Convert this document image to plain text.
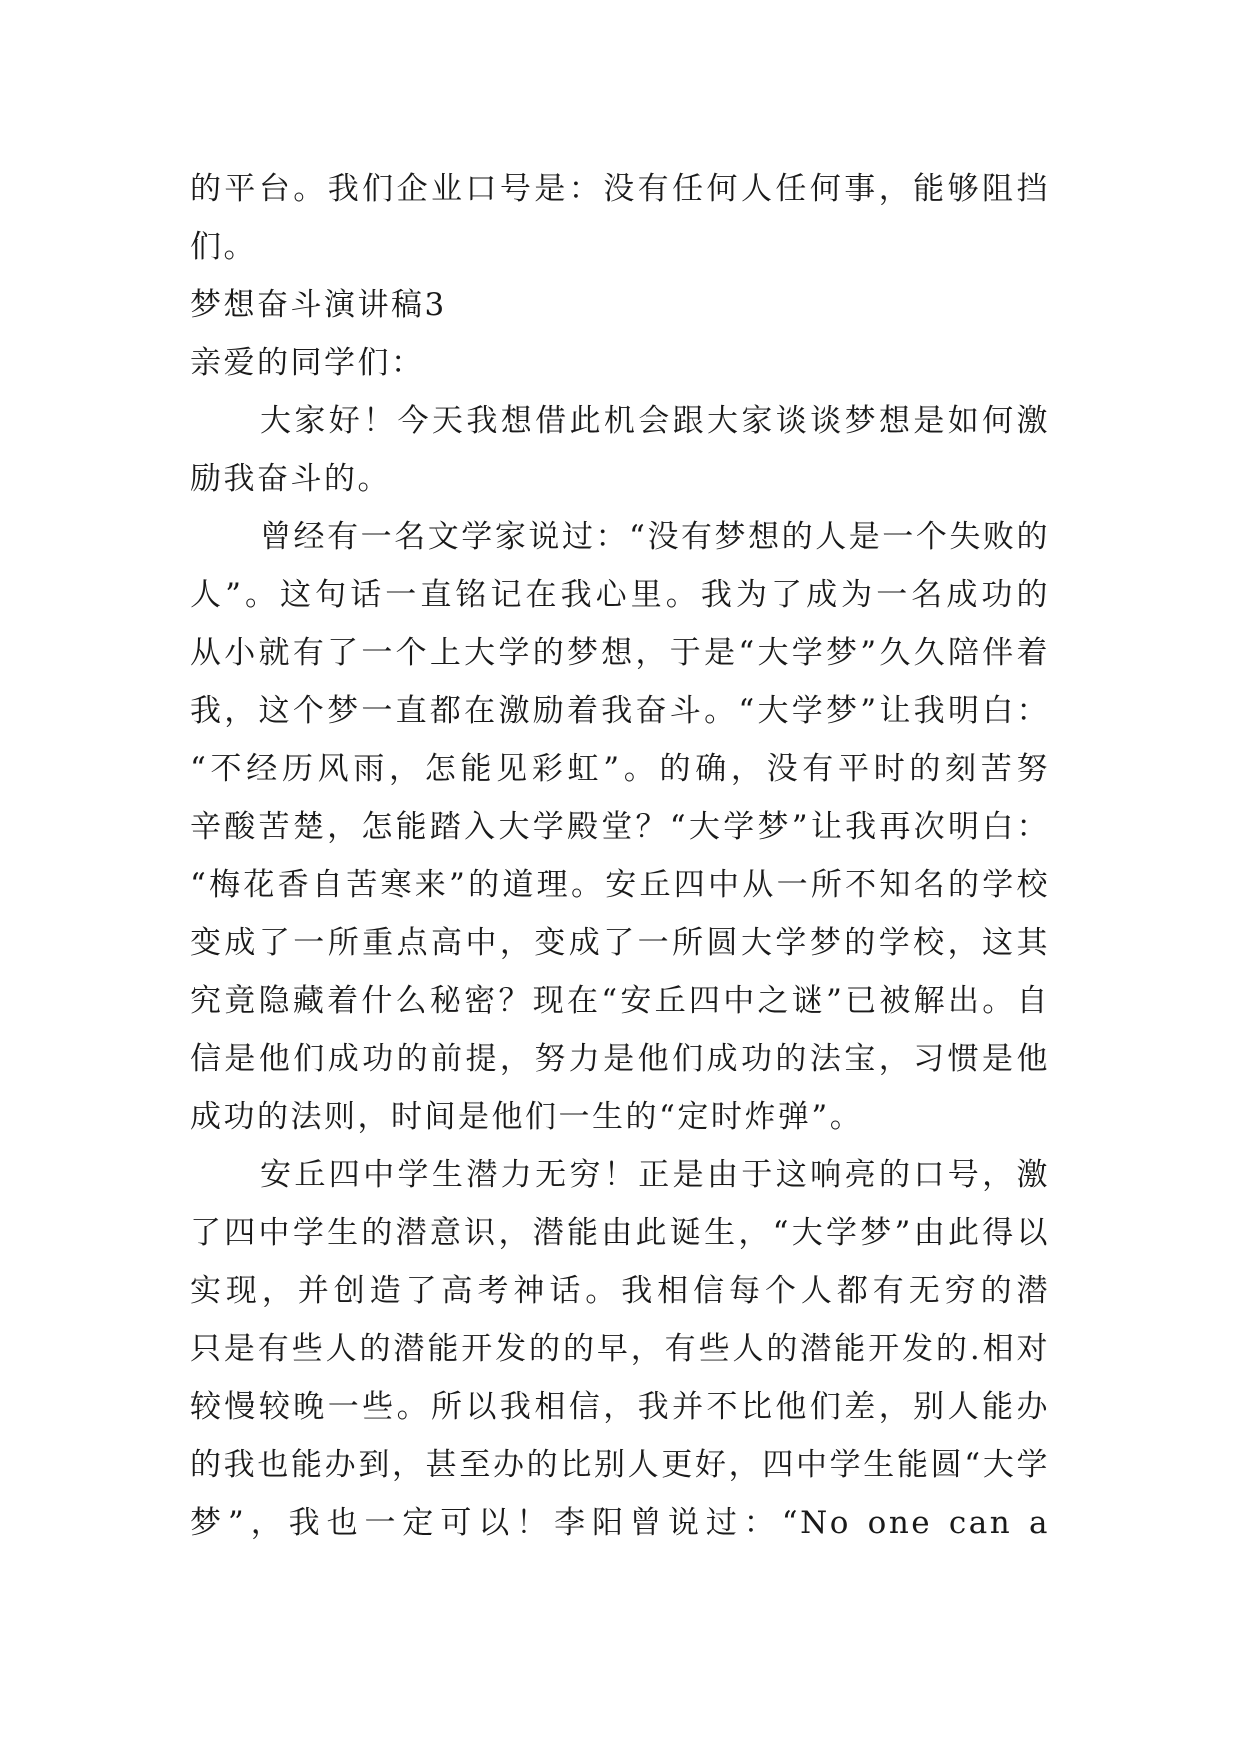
的平台。我们企业口号是：没有任何人任何事，能够阻挡
们。
梦想奋斗演讲稿3
亲爱的同学们：
大家好！今天我想借此机会跟大家谈谈梦想是如何激
励我奋斗的。
曾经有一名文学家说过：“没有梦想的人是一个失败的
人”。这句话一直铭记在我心里。我为了成为一名成功的
从小就有了一个上大学的梦想，于是“大学梦”久久陪伴着
我，这个梦一直都在激励着我奋斗。“大学梦”让我明白：
“不经历风雨，怎能见彩虹”。的确，没有平时的刻苦努
辛酸苦楚，怎能踏入大学殿堂？“大学梦”让我再次明白：
“梅花香自苦寒来”的道理。安丘四中从一所不知名的学校
变成了一所重点高中，变成了一所圆大学梦的学校，这其
究竟隐藏着什么秘密？现在“安丘四中之谜”已被解出。自
信是他们成功的前提，努力是他们成功的法宝，习惯是他
成功的法则，时间是他们一生的“定时炸弹”。
安丘四中学生潜力无穷！正是由于这响亮的口号，激
了四中学生的潜意识，潜能由此诞生，“大学梦”由此得以
实现，并创造了高考神话。我相信每个人都有无穷的潜
只是有些人的潜能开发的的早，有些人的潜能开发的.相对
较慢较晚一些。所以我相信，我并不比他们差，别人能办
的我也能办到，甚至办的比别人更好，四中学生能圆“大学
梦”，我也一定可以！李阳曾说过：“No one can a
